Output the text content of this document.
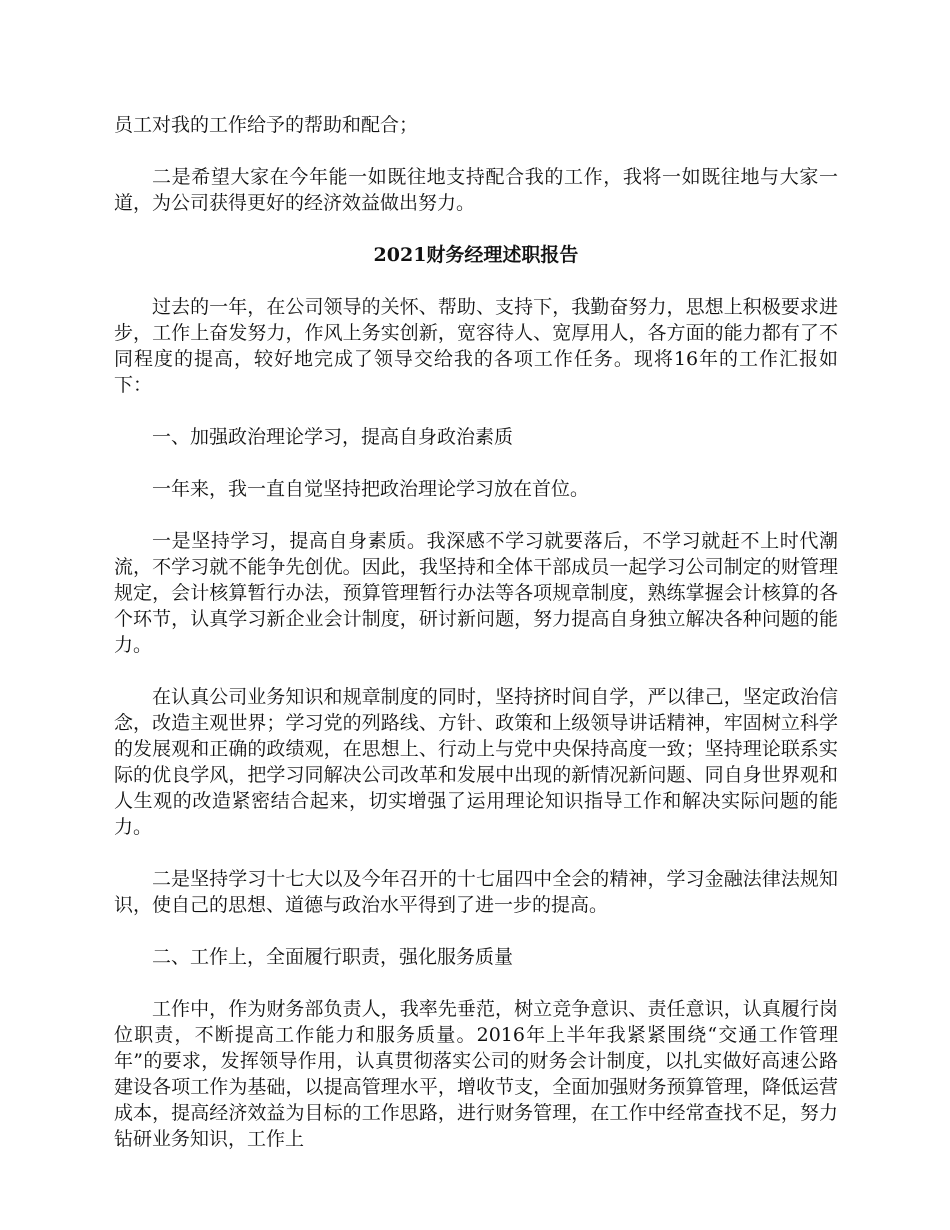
员工对我的工作给予的帮助和配合；

二是希望大家在今年能一如既往地支持配合我的工作，我将一如既往地与大家一道，为公司获得更好的经济效益做出努力。

2021财务经理述职报告

过去的一年，在公司领导的关怀、帮助、支持下，我勤奋努力，思想上积极要求进步，工作上奋发努力，作风上务实创新，宽容待人、宽厚用人，各方面的能力都有了不同程度的提高，较好地完成了领导交给我的各项工作任务。现将16年的工作汇报如下：

一、加强政治理论学习，提高自身政治素质

一年来，我一直自觉坚持把政治理论学习放在首位。

一是坚持学习，提高自身素质。我深感不学习就要落后，不学习就赶不上时代潮流，不学习就不能争先创优。因此，我坚持和全体干部成员一起学习公司制定的财管理规定，会计核算暂行办法，预算管理暂行办法等各项规章制度，熟练掌握会计核算的各个环节，认真学习新企业会计制度，研讨新问题，努力提高自身独立解决各种问题的能力。

在认真公司业务知识和规章制度的同时，坚持挤时间自学，严以律己，坚定政治信念，改造主观世界；学习党的列路线、方针、政策和上级领导讲话精神，牢固树立科学的发展观和正确的政绩观，在思想上、行动上与党中央保持高度一致；坚持理论联系实际的优良学风，把学习同解决公司改革和发展中出现的新情况新问题、同自身世界观和人生观的改造紧密结合起来，切实增强了运用理论知识指导工作和解决实际问题的能力。

二是坚持学习十七大以及今年召开的十七届四中全会的精神，学习金融法律法规知识，使自己的思想、道德与政治水平得到了进一步的提高。

二、工作上，全面履行职责，强化服务质量

工作中，作为财务部负责人，我率先垂范，树立竞争意识、责任意识，认真履行岗位职责，不断提高工作能力和服务质量。2016年上半年我紧紧围绕“交通工作管理年”的要求，发挥领导作用，认真贯彻落实公司的财务会计制度，以扎实做好高速公路建设各项工作为基础，以提高管理水平，增收节支，全面加强财务预算管理，降低运营成本，提高经济效益为目标的工作思路，进行财务管理，在工作中经常查找不足，努力钻研业务知识，工作上
